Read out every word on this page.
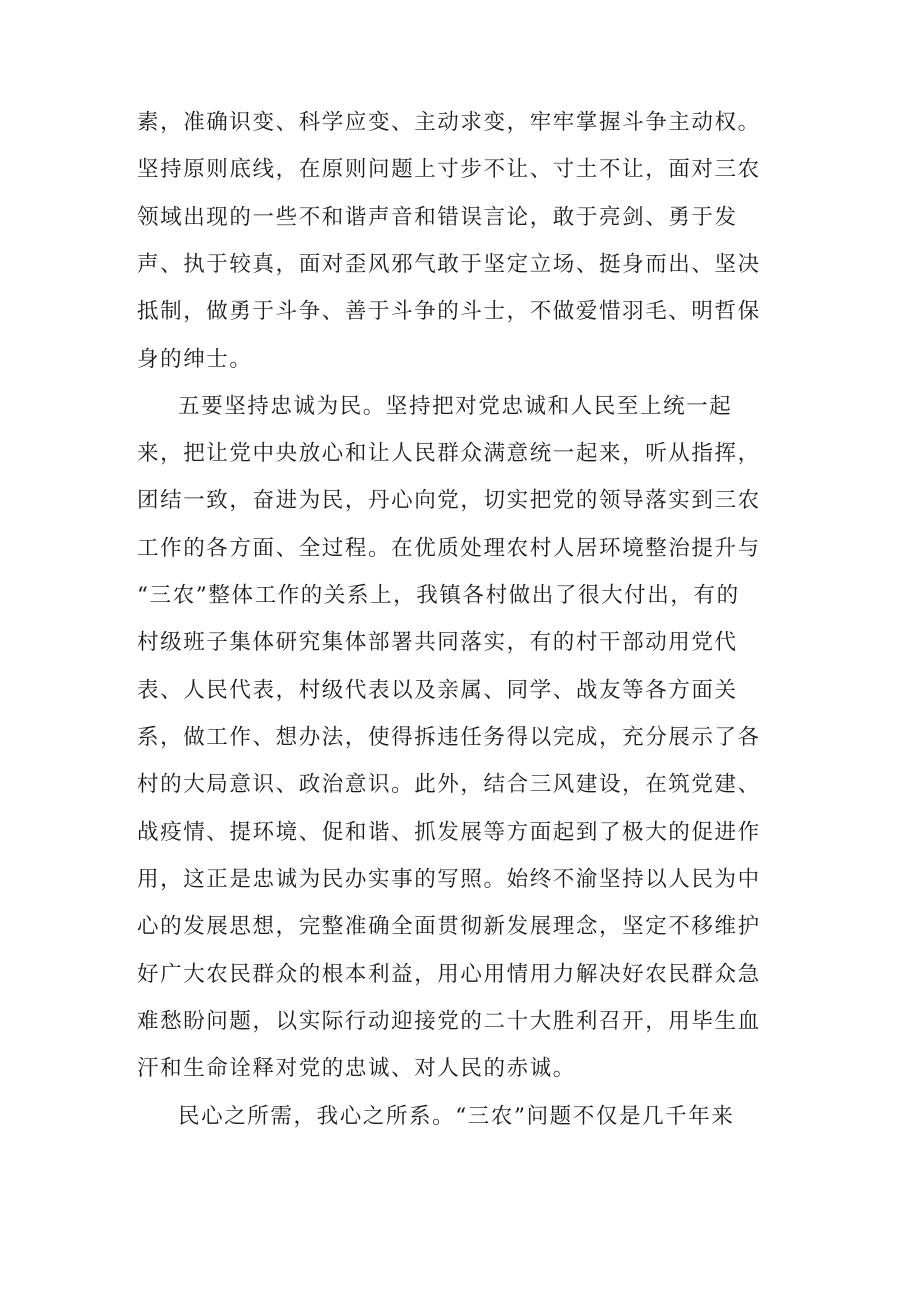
素，准确识变、科学应变、主动求变，牢牢掌握斗争主动权。
坚持原则底线，在原则问题上寸步不让、寸土不让，面对三农
领域出现的一些不和谐声音和错误言论，敢于亮剑、勇于发
声、执于较真，面对歪风邪气敢于坚定立场、挺身而出、坚决
抵制，做勇于斗争、善于斗争的斗士，不做爱惜羽毛、明哲保
身的绅士。
五要坚持忠诚为民。坚持把对党忠诚和人民至上统一起
来，把让党中央放心和让人民群众满意统一起来，听从指挥，
团结一致，奋进为民，丹心向党，切实把党的领导落实到三农
工作的各方面、全过程。在优质处理农村人居环境整治提升与
“三农”整体工作的关系上，我镇各村做出了很大付出，有的
村级班子集体研究集体部署共同落实，有的村干部动用党代
表、人民代表，村级代表以及亲属、同学、战友等各方面关
系，做工作、想办法，使得拆违任务得以完成，充分展示了各
村的大局意识、政治意识。此外，结合三风建设，在筑党建、
战疫情、提环境、促和谐、抓发展等方面起到了极大的促进作
用，这正是忠诚为民办实事的写照。始终不渝坚持以人民为中
心的发展思想，完整准确全面贯彻新发展理念，坚定不移维护
好广大农民群众的根本利益，用心用情用力解决好农民群众急
难愁盼问题，以实际行动迎接党的二十大胜利召开，用毕生血
汗和生命诠释对党的忠诚、对人民的赤诚。
民心之所需，我心之所系。“三农”问题不仅是几千年来
